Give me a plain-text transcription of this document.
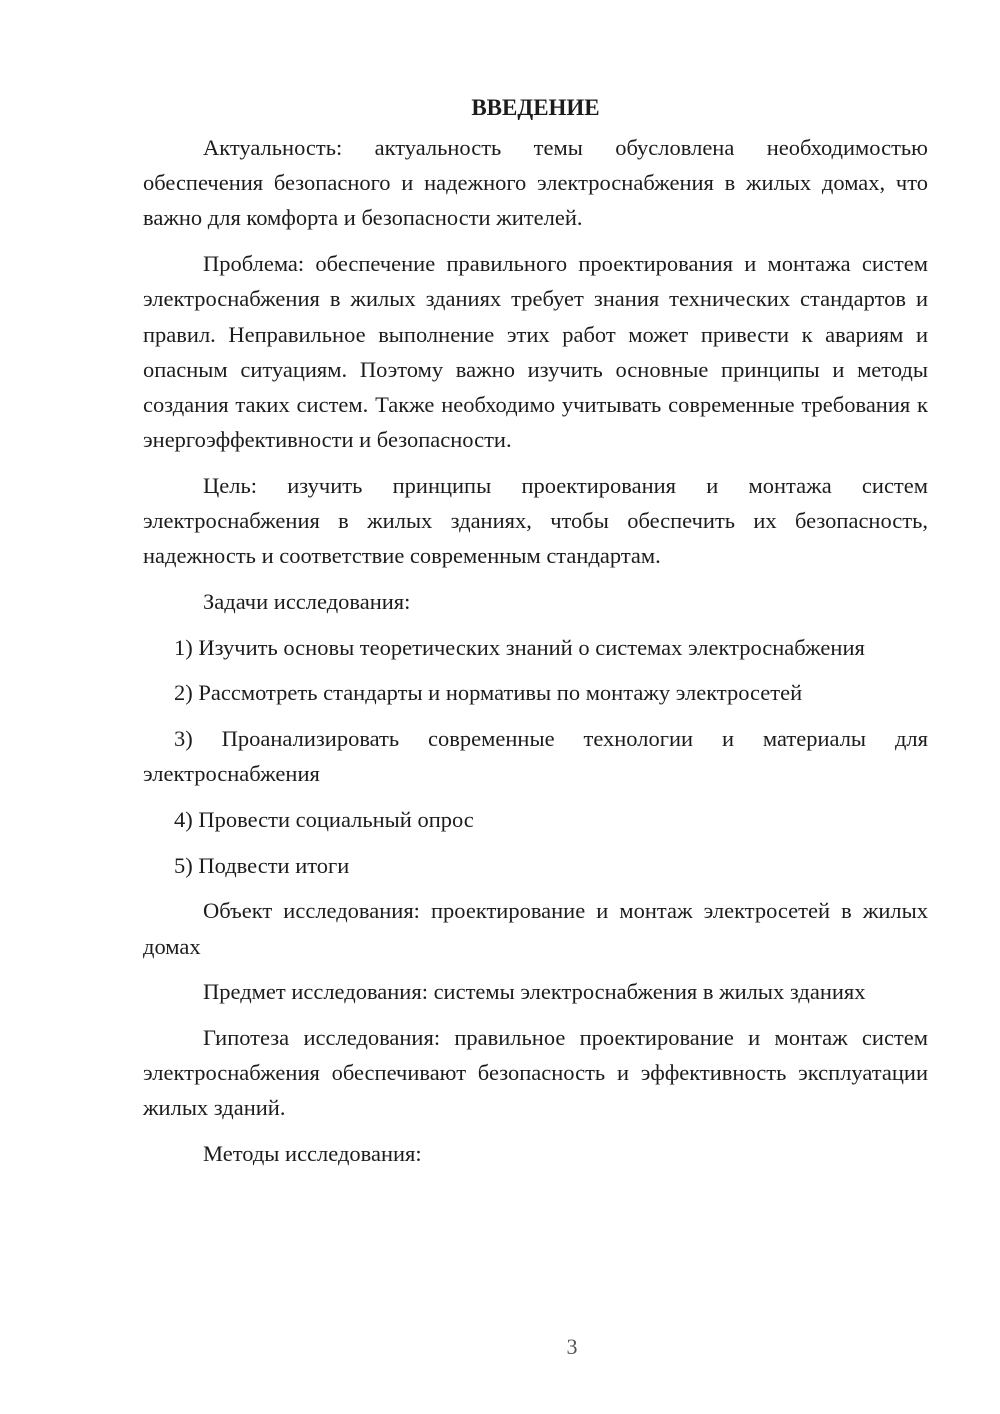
ВВЕДЕНИЕ

Актуальность: актуальность темы обусловлена необходимостью обеспечения безопасного и надежного электроснабжения в жилых домах, что важно для комфорта и безопасности жителей.

Проблема: обеспечение правильного проектирования и монтажа систем электроснабжения в жилых зданиях требует знания технических стандартов и правил. Неправильное выполнение этих работ может привести к авариям и опасным ситуациям. Поэтому важно изучить основные принципы и методы создания таких систем. Также необходимо учитывать современные требования к энергоэффективности и безопасности.

Цель: изучить принципы проектирования и монтажа систем электроснабжения в жилых зданиях, чтобы обеспечить их безопасность, надежность и соответствие современным стандартам.

Задачи исследования:

1) Изучить основы теоретических знаний о системах электроснабжения

2) Рассмотреть стандарты и нормативы по монтажу электросетей

3) Проанализировать современные технологии и материалы для электроснабжения

4) Провести социальный опрос

5) Подвести итоги

Объект исследования: проектирование и монтаж электросетей в жилых домах

Предмет исследования: системы электроснабжения в жилых зданиях

Гипотеза исследования: правильное проектирование и монтаж систем электроснабжения обеспечивают безопасность и эффективность эксплуатации жилых зданий.

Методы исследования:

3
